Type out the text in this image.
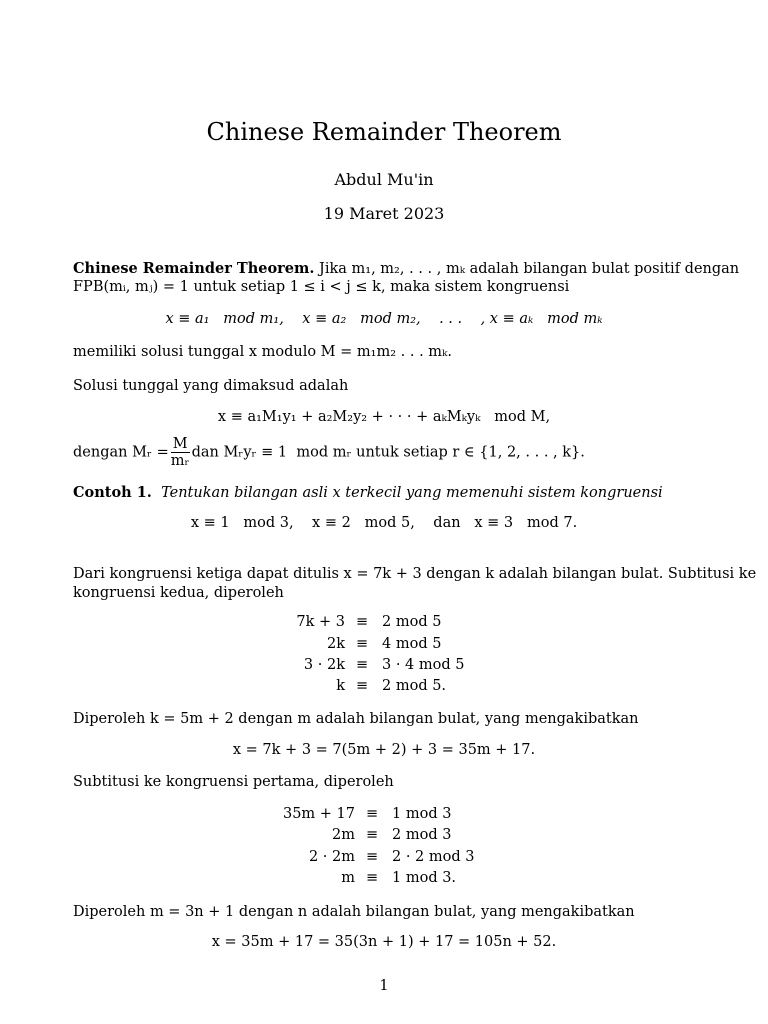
Chinese Remainder Theorem
Abdul Mu'in
19 Maret 2023
Chinese Remainder Theorem. Jika m₁, m₂, . . . , mₖ adalah bilangan bulat positif dengan
FPB(mᵢ, mⱼ) = 1 untuk setiap 1 ≤ i < j ≤ k, maka sistem kongruensi
x ≡ a₁   mod m₁,    x ≡ a₂   mod m₂,    . . .    , x ≡ aₖ   mod mₖ
memiliki solusi tunggal x modulo M = m₁m₂ . . . mₖ.
Solusi tunggal yang dimaksud adalah
x ≡ a₁M₁y₁ + a₂M₂y₂ + · · · + aₖMₖyₖ   mod M,
dengan Mᵣ = $\frac{M}{\text{mᵣ}}$ dan Mᵣyᵣ ≡ 1  mod mᵣ untuk setiap r ∈ {1, 2, . . . , k}.
Contoh 1. Tentukan bilangan asli x terkecil yang memenuhi sistem kongruensi
x ≡ 1   mod 3,    x ≡ 2   mod 5,    dan   x ≡ 3   mod 7.
Dari kongruensi ketiga dapat ditulis x = 7k + 3 dengan k adalah bilangan bulat. Subtitusi ke
kongruensi kedua, diperoleh
7k + 3 ≡ 2 mod 5
2k ≡ 4 mod 5
3 · 2k ≡ 3 · 4 mod 5
k ≡ 2 mod 5.
Diperoleh k = 5m + 2 dengan m adalah bilangan bulat, yang mengakibatkan
x = 7k + 3 = 7(5m + 2) + 3 = 35m + 17.
Subtitusi ke kongruensi pertama, diperoleh
35m + 17 ≡ 1 mod 3
2m ≡ 2 mod 3
2 · 2m ≡ 2 · 2 mod 3
m ≡ 1 mod 3.
Diperoleh m = 3n + 1 dengan n adalah bilangan bulat, yang mengakibatkan
x = 35m + 17 = 35(3n + 1) + 17 = 105n + 52.
1
